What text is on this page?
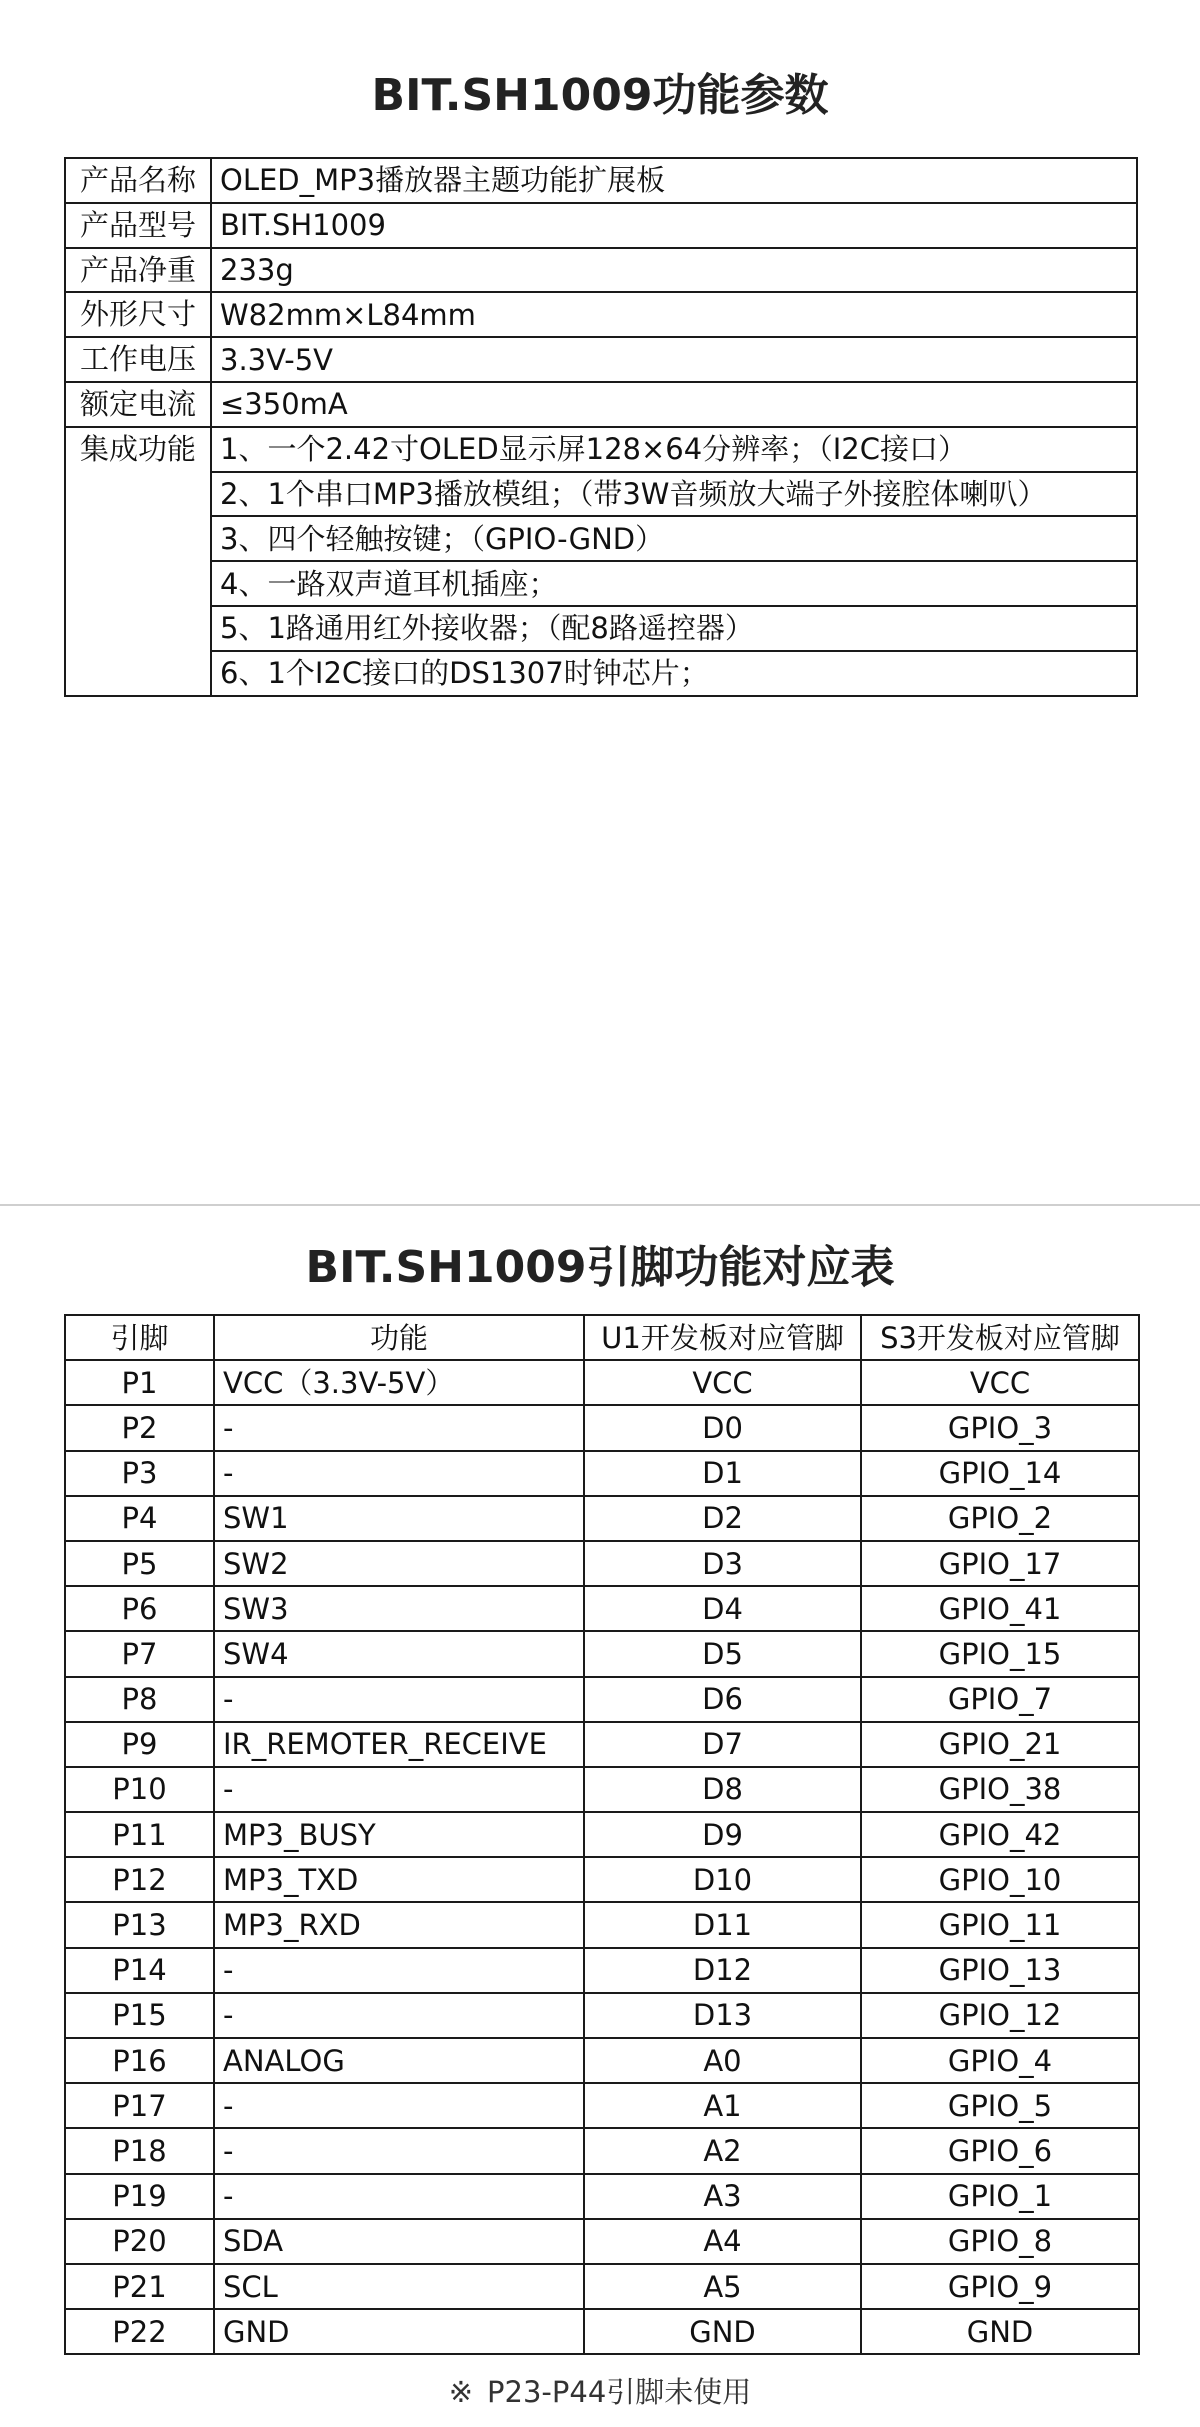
BIT.SH1009功能参数
产品名称	OLED_MP3播放器主题功能扩展板
产品型号	BIT.SH1009
产品净重	233g
外形尺寸	W82mm×L84mm
工作电压	3.3V-5V
额定电流	≤350mA
集成功能	1、一个2.42寸OLED显示屏128×64分辨率；（I2C接口）
	2、1个串口MP3播放模组；（带3W音频放大端子外接腔体喇叭）
	3、四个轻触按键；（GPIO-GND）
	4、一路双声道耳机插座；
	5、1路通用红外接收器；（配8路遥控器）
	6、1个I2C接口的DS1307时钟芯片；
BIT.SH1009引脚功能对应表
引脚	功能	U1开发板对应管脚	S3开发板对应管脚
P1	VCC（3.3V-5V）	VCC	VCC
P2	-	D0	GPIO_3
P3	-	D1	GPIO_14
P4	SW1	D2	GPIO_2
P5	SW2	D3	GPIO_17
P6	SW3	D4	GPIO_41
P7	SW4	D5	GPIO_15
P8	-	D6	GPIO_7
P9	IR_REMOTER_RECEIVE	D7	GPIO_21
P10	-	D8	GPIO_38
P11	MP3_BUSY	D9	GPIO_42
P12	MP3_TXD	D10	GPIO_10
P13	MP3_RXD	D11	GPIO_11
P14	-	D12	GPIO_13
P15	-	D13	GPIO_12
P16	ANALOG	A0	GPIO_4
P17	-	A1	GPIO_5
P18	-	A2	GPIO_6
P19	-	A3	GPIO_1
P20	SDA	A4	GPIO_8
P21	SCL	A5	GPIO_9
P22	GND	GND	GND
※ P23-P44引脚未使用
